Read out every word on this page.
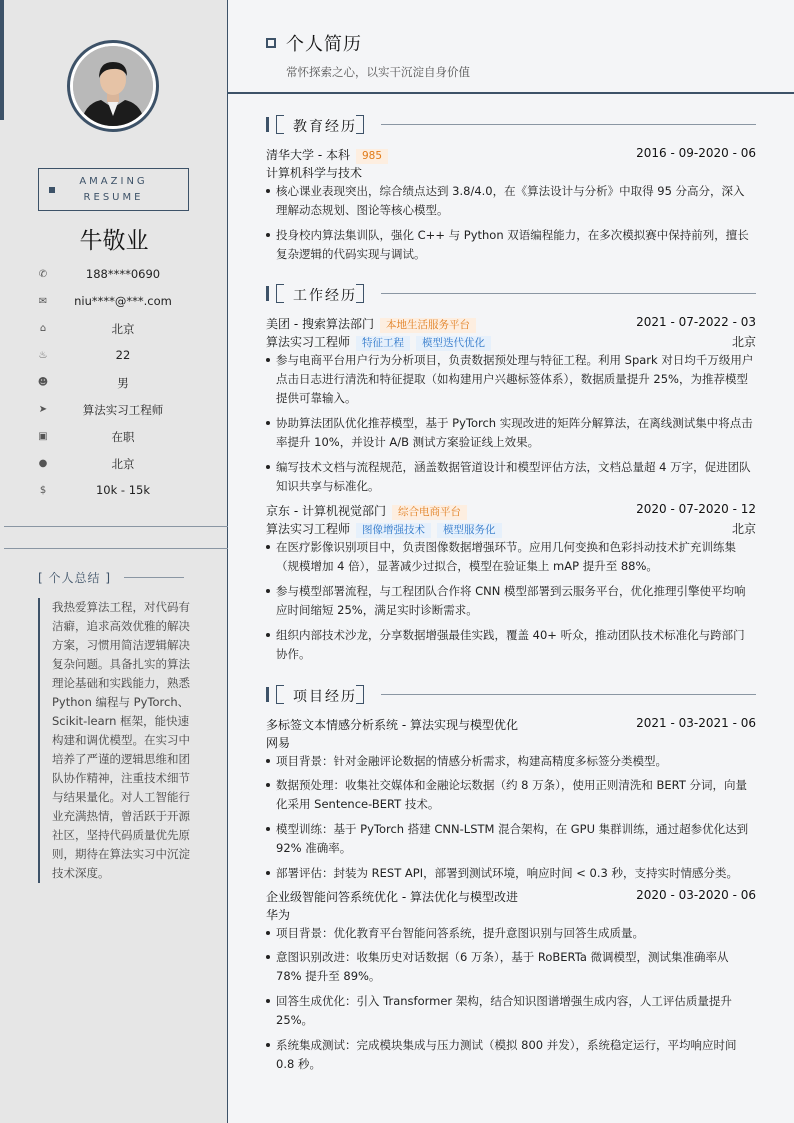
AMAZING RESUME
牛敬业
✆	188****0690
✉	niu****@***.com
⌂	北京
♨	22
☻	男
➤	算法实习工程师
▣	在职
●	北京
$	10k - 15k
[ 个人总结 ]
我热爱算法工程，对代码有洁癖，追求高效优雅的解决方案，习惯用简洁逻辑解决复杂问题。具备扎实的算法理论基础和实践能力，熟悉 Python 编程与 PyTorch、Scikit-learn 框架，能快速构建和调优模型。在实习中培养了严谨的逻辑思维和团队协作精神，注重技术细节与结果量化。对人工智能行业充满热情，曾活跃于开源社区，坚持代码质量优先原则，期待在算法实习中沉淀技术深度。
个人简历
常怀探索之心，以实干沉淀自身价值
教育经历
清华大学 - 本科 985	2016 - 09-2020 - 06
计算机科学与技术
核心课业表现突出，综合绩点达到 3.8/4.0，在《算法设计与分析》中取得 95 分高分，深入理解动态规划、图论等核心模型。
投身校内算法集训队，强化 C++ 与 Python 双语编程能力，在多次模拟赛中保持前列，擅长复杂逻辑的代码实现与调试。
工作经历
美团 - 搜索算法部门 本地生活服务平台	2021 - 07-2022 - 03
算法实习工程师 特征工程 模型迭代优化	北京
参与电商平台用户行为分析项目，负责数据预处理与特征工程。利用 Spark 对日均千万级用户点击日志进行清洗和特征提取（如构建用户兴趣标签体系），数据质量提升 25%，为推荐模型提供可靠输入。
协助算法团队优化推荐模型，基于 PyTorch 实现改进的矩阵分解算法，在离线测试集中将点击率提升 10%，并设计 A/B 测试方案验证线上效果。
编写技术文档与流程规范，涵盖数据管道设计和模型评估方法，文档总量超 4 万字，促进团队知识共享与标准化。
京东 - 计算机视觉部门 综合电商平台	2020 - 07-2020 - 12
算法实习工程师 图像增强技术 模型服务化	北京
在医疗影像识别项目中，负责图像数据增强环节。应用几何变换和色彩抖动技术扩充训练集（规模增加 4 倍），显著减少过拟合，模型在验证集上 mAP 提升至 88%。
参与模型部署流程，与工程团队合作将 CNN 模型部署到云服务平台，优化推理引擎使平均响应时间缩短 25%，满足实时诊断需求。
组织内部技术沙龙，分享数据增强最佳实践，覆盖 40+ 听众，推动团队技术标准化与跨部门协作。
项目经历
多标签文本情感分析系统 - 算法实现与模型优化	2021 - 03-2021 - 06
网易
项目背景：针对金融评论数据的情感分析需求，构建高精度多标签分类模型。
数据预处理：收集社交媒体和金融论坛数据（约 8 万条），使用正则清洗和 BERT 分词，向量化采用 Sentence-BERT 技术。
模型训练：基于 PyTorch 搭建 CNN-LSTM 混合架构，在 GPU 集群训练，通过超参优化达到 92% 准确率。
部署评估：封装为 REST API，部署到测试环境，响应时间 < 0.3 秒，支持实时情感分类。
企业级智能问答系统优化 - 算法优化与模型改进	2020 - 03-2020 - 06
华为
项目背景：优化教育平台智能问答系统，提升意图识别与回答生成质量。
意图识别改进：收集历史对话数据（6 万条），基于 RoBERTa 微调模型，测试集准确率从 78% 提升至 89%。
回答生成优化：引入 Transformer 架构，结合知识图谱增强生成内容，人工评估质量提升 25%。
系统集成测试：完成模块集成与压力测试（模拟 800 并发），系统稳定运行，平均响应时间 0.8 秒。
